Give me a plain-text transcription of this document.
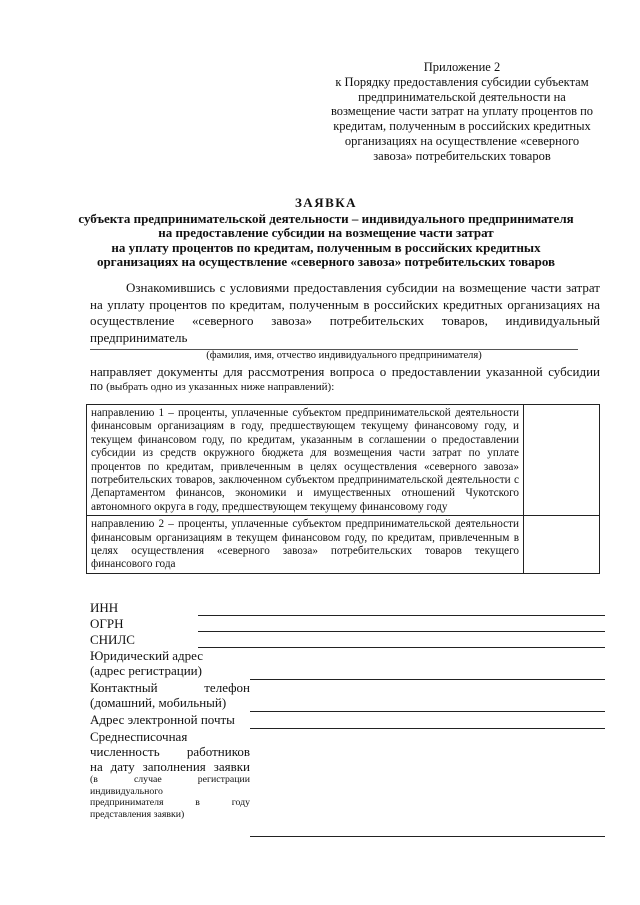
Приложение 2
к Порядку предоставления субсидии субъектам
предпринимательской деятельности на
возмещение части затрат на уплату процентов по
кредитам, полученным в российских кредитных
организациях на осуществление «северного
завоза» потребительских товаров
ЗАЯВКА
субъекта предпринимательской деятельности – индивидуального предпринимателя
на предоставление субсидии на возмещение части затрат
на уплату процентов по кредитам, полученным в российских кредитных
организациях на осуществление «северного завоза» потребительских товаров

Ознакомившись с условиями предоставления субсидии на возмещение части затрат на уплату процентов по кредитам, полученным в российских кредитных организациях на осуществление «северного завоза» потребительских товаров, индивидуальный предприниматель

(фамилия, имя, отчество индивидуального предпринимателя)
направляет документы для рассмотрения вопроса о предоставлении указанной субсидии
по (выбрать одно из указанных ниже направлений):
направлению 1 – проценты, уплаченные субъектом предпринимательской деятельности финансовым организациям в году, предшествующем текущему финансовому году, и текущем финансовом году, по кредитам, указанным в соглашении о предоставлении субсидии из средств окружного бюджета для возмещения части затрат по уплате процентов по кредитам, привлеченным в целях осуществления «северного завоза» потребительских товаров, заключенном субъектом предпринимательской деятельности с Департаментом финансов, экономики и имущественных отношений Чукотского автономного округа в году, предшествующем текущему финансовому году	
направлению 2 – проценты, уплаченные субъектом предпринимательской деятельности финансовым организациям в текущем финансовом году, по кредитам, привлеченным в целях осуществления «северного завоза» потребительских товаров текущего финансового года	
ИНН
ОГРН
СНИЛС
Юридический адрес
(адрес регистрации)
Контактный телефон
(домашний, мобильный)
Адрес электронной почты
Среднесписочная
численность работников
на дату заполнения заявки
(в случае регистрации
индивидуального
предпринимателя в году
представления заявки)
